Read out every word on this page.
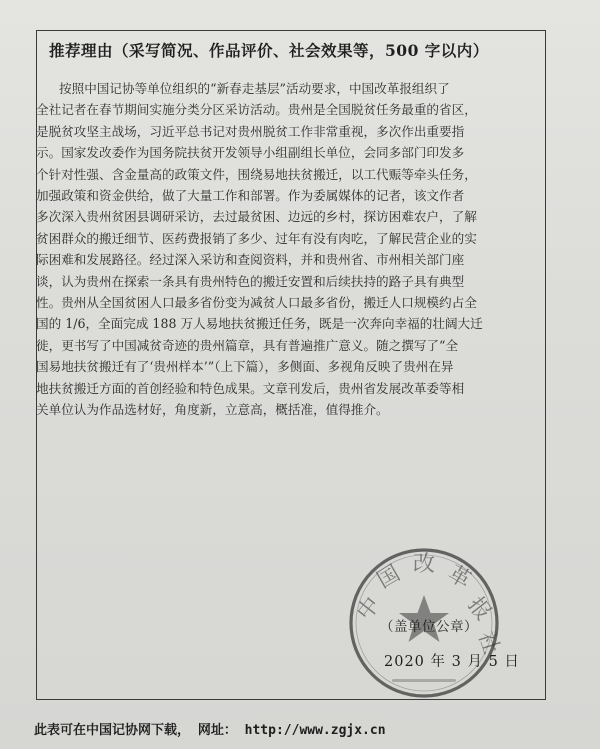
推荐理由（采写简况、作品评价、社会效果等，500 字以内）
按照中国记协等单位组织的“新春走基层”活动要求，中国改革报组织了
全社记者在春节期间实施分类分区采访活动。贵州是全国脱贫任务最重的省区，
是脱贫攻坚主战场，习近平总书记对贵州脱贫工作非常重视，多次作出重要指
示。国家发改委作为国务院扶贫开发领导小组副组长单位，会同多部门印发多
个针对性强、含金量高的政策文件，围绕易地扶贫搬迁，以工代赈等牵头任务，
加强政策和资金供给，做了大量工作和部署。作为委属媒体的记者，该文作者
多次深入贵州贫困县调研采访，去过最贫困、边远的乡村，探访困难农户，了解
贫困群众的搬迁细节、医药费报销了多少、过年有没有肉吃，了解民营企业的实
际困难和发展路径。经过深入采访和查阅资料，并和贵州省、市州相关部门座
谈，认为贵州在探索一条具有贵州特色的搬迁安置和后续扶持的路子具有典型
性。贵州从全国贫困人口最多省份变为减贫人口最多省份，搬迁人口规模约占全
国的 1/6，全面完成 188 万人易地扶贫搬迁任务，既是一次奔向幸福的壮阔大迁
徙，更书写了中国减贫奇迹的贵州篇章，具有普遍推广意义。随之撰写了“全
国易地扶贫搬迁有了‘贵州样本’”（上下篇），多侧面、多视角反映了贵州在异
地扶贫搬迁方面的首创经验和特色成果。文章刊发后，贵州省发展改革委等相
关单位认为作品选材好，角度新，立意高，概括准，值得推介。
中
国 改 革
报
社
（盖单位公章）
2020 年 3 月 5 日
此表可在中国记协网下载， 网址： http://www.zgjx.cn
